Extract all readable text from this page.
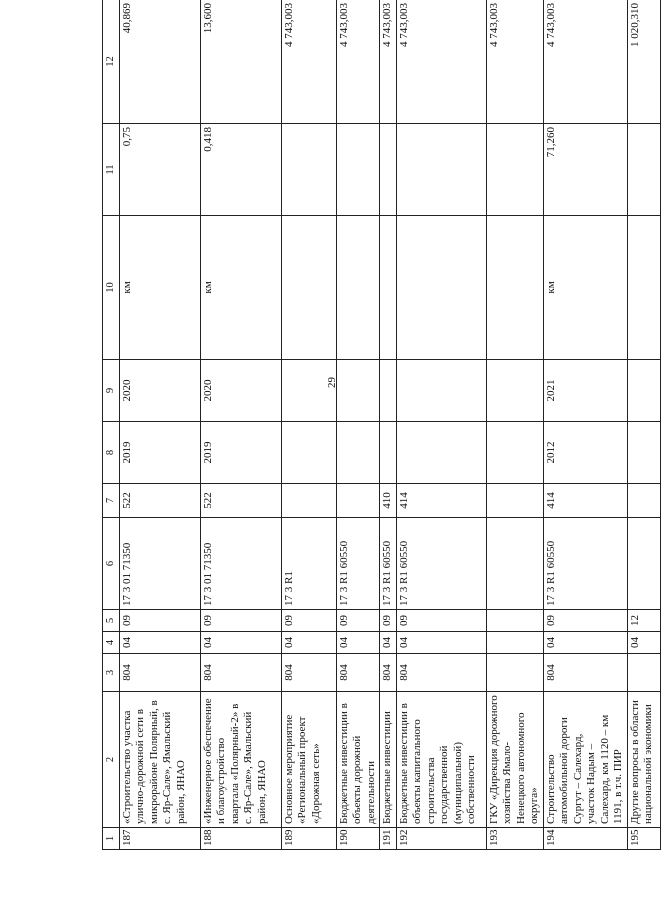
29
1	2	3	4	5	6	7	8	9	10	11	12
187	«Строительство участка улично-дорожной сети в микрорайоне Полярный, в с. Яр-Сале», Ямальский район, ЯНАО	804	04	09	17 3 01 71350	522	2019	2020	км	0,75	40,869
188	«Инженерное обеспечение и благоустройство квартала «Полярный-2» в с. Яр-Сале», Ямальский район, ЯНАО	804	04	09	17 3 01 71350	522	2019	2020	км	0,418	13,600
189	Основное мероприятие «Региональный проект «Дорожная сеть»	804	04	09	17 3 R1						4 743,003
190	Бюджетные инвестиции в объекты дорожной деятельности	804	04	09	17 3 R1 60550						4 743,003
191	Бюджетные инвестиции	804	04	09	17 3 R1 60550	410					4 743,003
192	Бюджетные инвестиции в объекты капитального строительства государственной (муниципальной) собственности	804	04	09	17 3 R1 60550	414					4 743,003
193	ГКУ «Дирекция дорожного хозяйства Ямало-Ненецкого автономного округа»										4 743,003
194	Строительство автомобильной дороги Сургут – Салехард, участок Надым – Салехард, км 1120 – км 1191, в т.ч. ПИР	804	04	09	17 3 R1 60550	414	2012	2021	км	71,260	4 743,003
195	Другие вопросы в области национальной экономики		04	12							1 020,310
